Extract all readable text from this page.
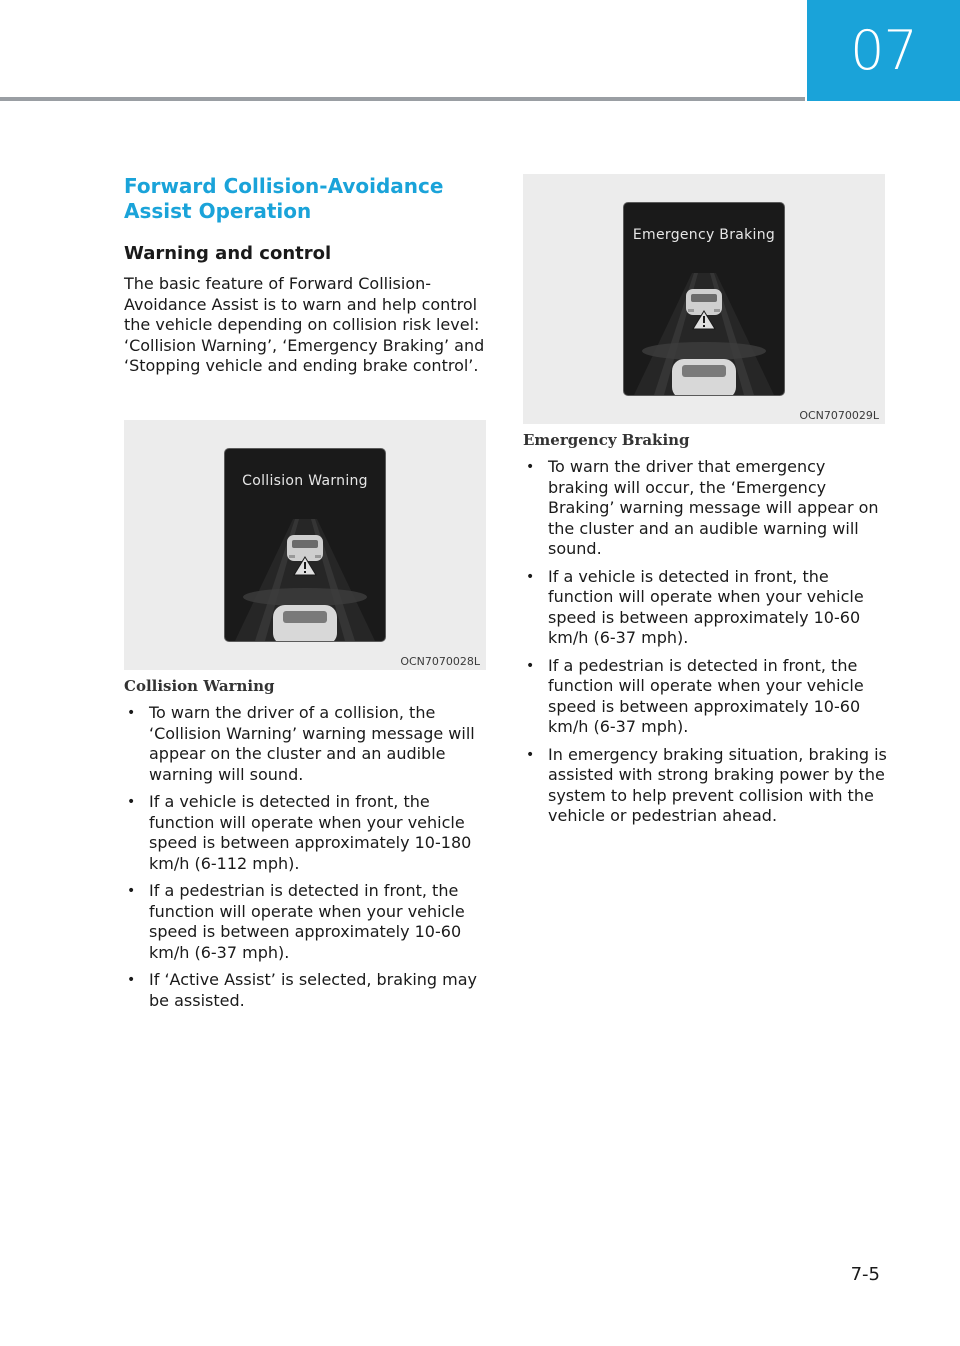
07
Forward Collision-Avoidance
Assist Operation
Warning and control
The basic feature of Forward Collision-Avoidance Assist is to warn and help control the vehicle depending on collision risk level: ‘Collision Warning’, ‘Emergency Braking’ and ‘Stopping vehicle and ending brake control’.
Collision Warning
OCN7070028L
Collision Warning
• To warn the driver of a collision, the ‘Collision Warning’ warning message will appear on the cluster and an audible warning will sound.
• If a vehicle is detected in front, the function will operate when your vehicle speed is between approximately 10-180 km/h (6-112 mph).
• If a pedestrian is detected in front, the function will operate when your vehicle speed is between approximately 10-60 km/h (6-37 mph).
• If ‘Active Assist’ is selected, braking may be assisted.
Emergency Braking
OCN7070029L
Emergency Braking
• To warn the driver that emergency braking will occur, the ‘Emergency Braking’ warning message will appear on the cluster and an audible warning will sound.
• If a vehicle is detected in front, the function will operate when your vehicle speed is between approximately 10-60 km/h (6-37 mph).
• If a pedestrian is detected in front, the function will operate when your vehicle speed is between approximately 10-60 km/h (6-37 mph).
• In emergency braking situation, braking is assisted with strong braking power by the system to help prevent collision with the vehicle or pedestrian ahead.
7-5
